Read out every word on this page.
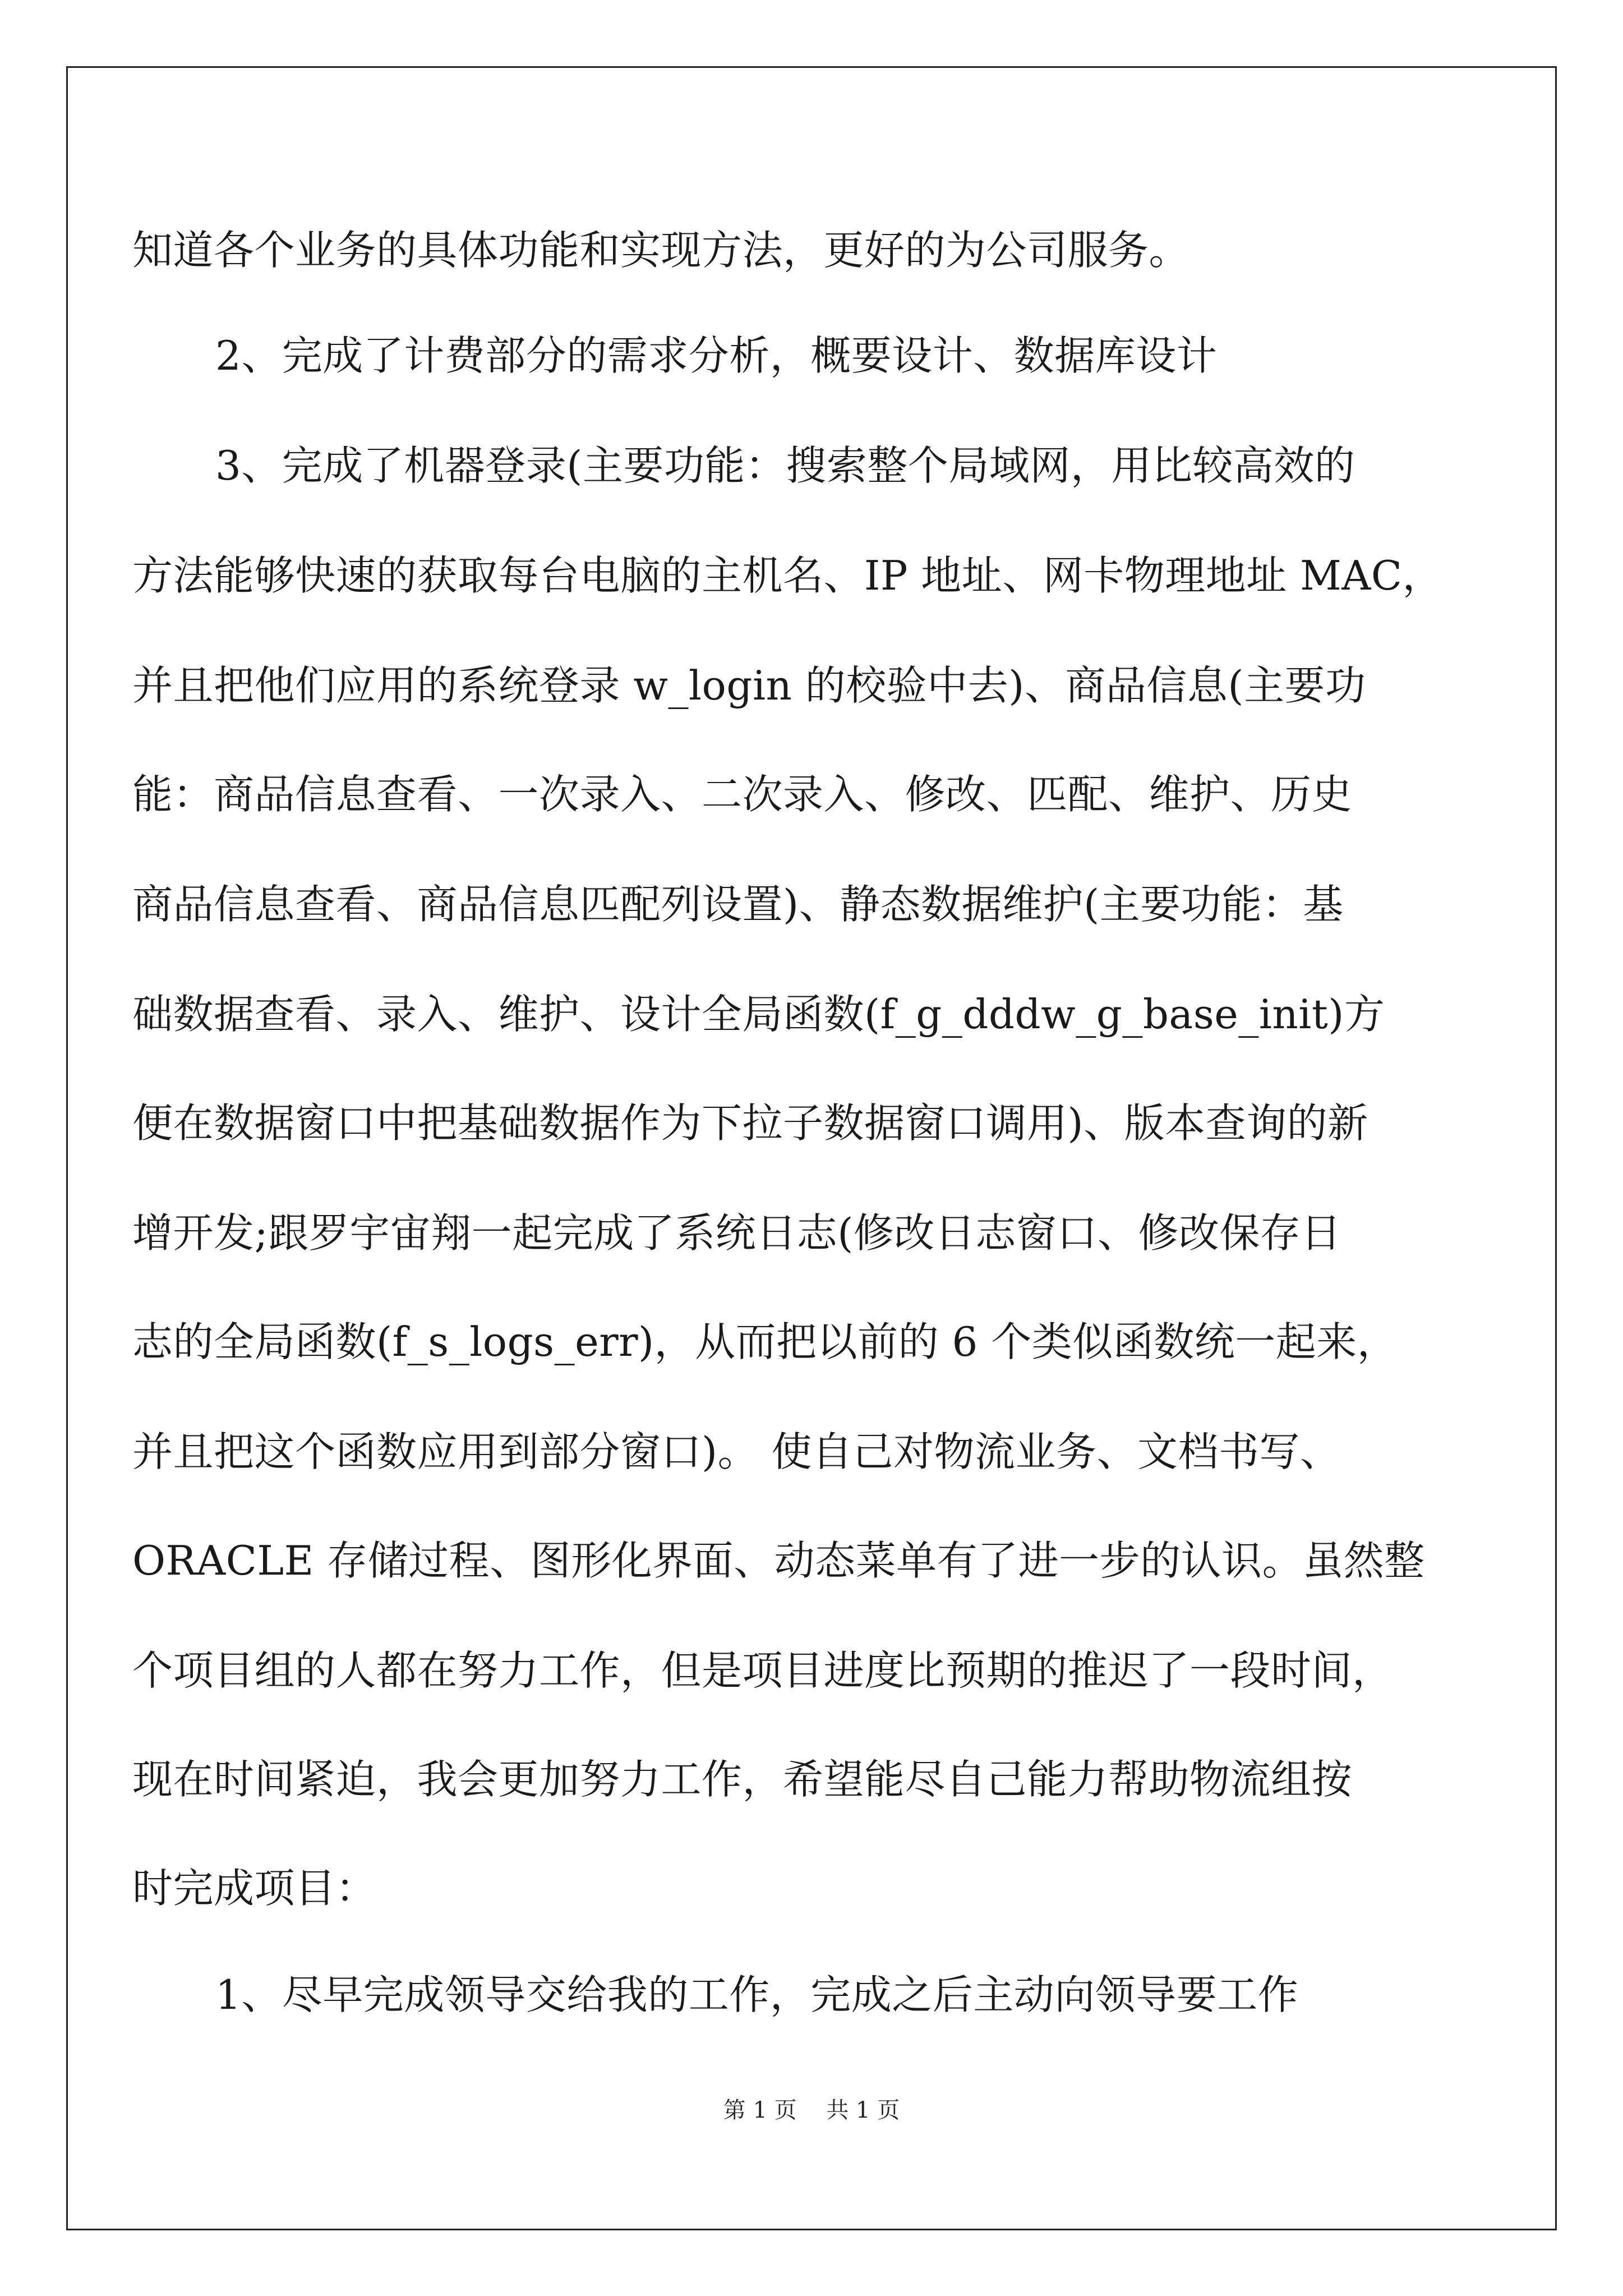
知道各个业务的具体功能和实现方法，更好的为公司服务。
2、完成了计费部分的需求分析，概要设计、数据库设计
3、完成了机器登录(主要功能：搜索整个局域网，用比较高效的
方法能够快速的获取每台电脑的主机名、IP 地址、网卡物理地址 MAC，
并且把他们应用的系统登录 w_login 的校验中去)、商品信息(主要功
能：商品信息查看、一次录入、二次录入、修改、匹配、维护、历史
商品信息查看、商品信息匹配列设置)、静态数据维护(主要功能：基
础数据查看、录入、维护、设计全局函数(f_g_dddw_g_base_init)方
便在数据窗口中把基础数据作为下拉子数据窗口调用)、版本查询的新
增开发;跟罗宇宙翔一起完成了系统日志(修改日志窗口、修改保存日
志的全局函数(f_s_logs_err)，从而把以前的 6 个类似函数统一起来，
并且把这个函数应用到部分窗口)。 使自己对物流业务、文档书写、
ORACLE 存储过程、图形化界面、动态菜单有了进一步的认识。虽然整
个项目组的人都在努力工作，但是项目进度比预期的推迟了一段时间，
现在时间紧迫，我会更加努力工作，希望能尽自己能力帮助物流组按
时完成项目：
1、尽早完成领导交给我的工作，完成之后主动向领导要工作
第 1 页　 共 1 页
